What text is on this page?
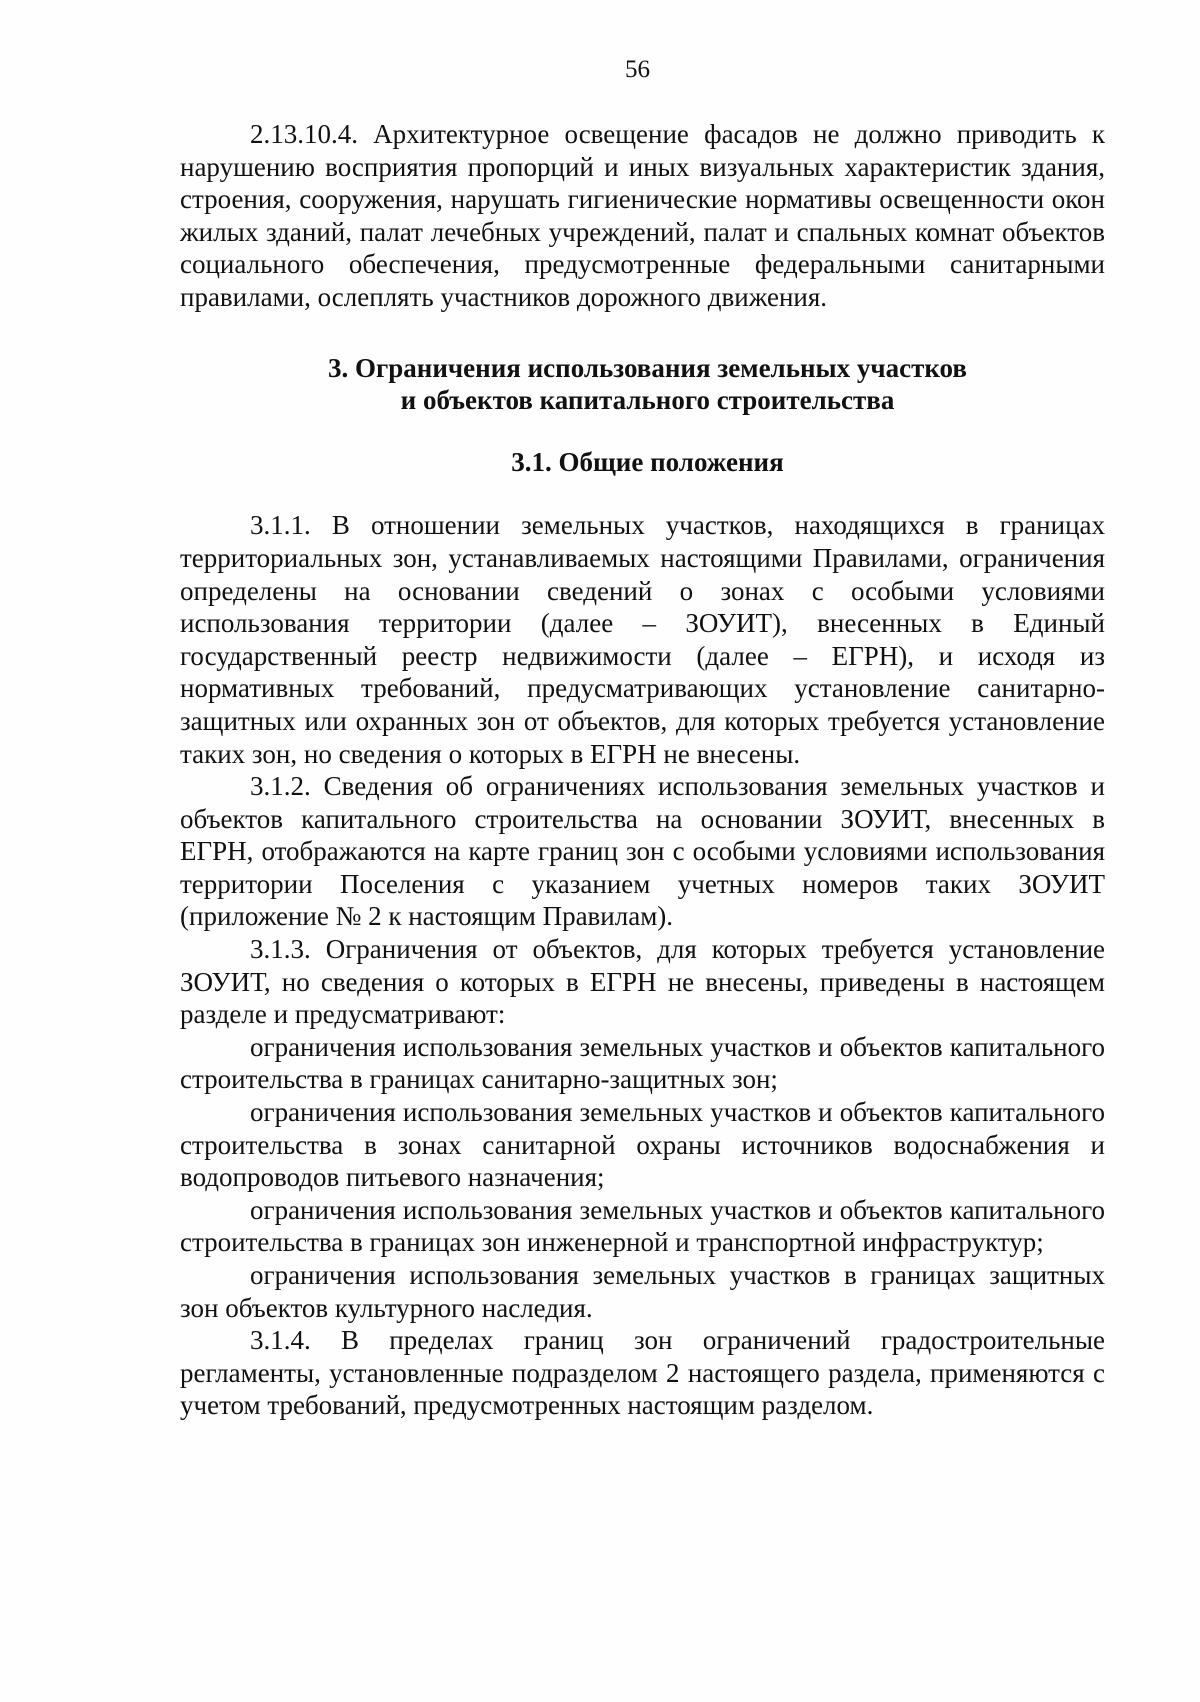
56

2.13.10.4. Архитектурное освещение фасадов не должно приводить к нарушению восприятия пропорций и иных визуальных характеристик здания, строения, сооружения, нарушать гигиенические нормативы освещенности окон жилых зданий, палат лечебных учреждений, палат и спальных комнат объектов социального обеспечения, предусмотренные федеральными санитарными правилами, ослеплять участников дорожного движения.

3. Ограничения использования земельных участков
и объектов капитального строительства
3.1. Общие положения

3.1.1. В отношении земельных участков, находящихся в границах территориальных зон, устанавливаемых настоящими Правилами, ограничения определены на основании сведений о зонах с особыми условиями использования территории (далее – ЗОУИТ), внесенных в Единый государственный реестр недвижимости (далее – ЕГРН), и исходя из нормативных требований, предусматривающих установление санитарно-защитных или охранных зон от объектов, для которых требуется установление таких зон, но сведения о которых в ЕГРН не внесены.

3.1.2. Сведения об ограничениях использования земельных участков и объектов капитального строительства на основании ЗОУИТ, внесенных в ЕГРН, отображаются на карте границ зон с особыми условиями использования территории Поселения с указанием учетных номеров таких ЗОУИТ (приложение № 2 к настоящим Правилам).

3.1.3. Ограничения от объектов, для которых требуется установление ЗОУИТ, но сведения о которых в ЕГРН не внесены, приведены в настоящем разделе и предусматривают:

ограничения использования земельных участков и объектов капитального строительства в границах санитарно-защитных зон;

ограничения использования земельных участков и объектов капитального строительства в зонах санитарной охраны источников водоснабжения и водопроводов питьевого назначения;

ограничения использования земельных участков и объектов капитального строительства в границах зон инженерной и транспортной инфраструктур;

ограничения использования земельных участков в границах защитных зон объектов культурного наследия.

3.1.4. В пределах границ зон ограничений градостроительные регламенты, установленные подразделом 2 настоящего раздела, применяются с учетом требований, предусмотренных настоящим разделом.
